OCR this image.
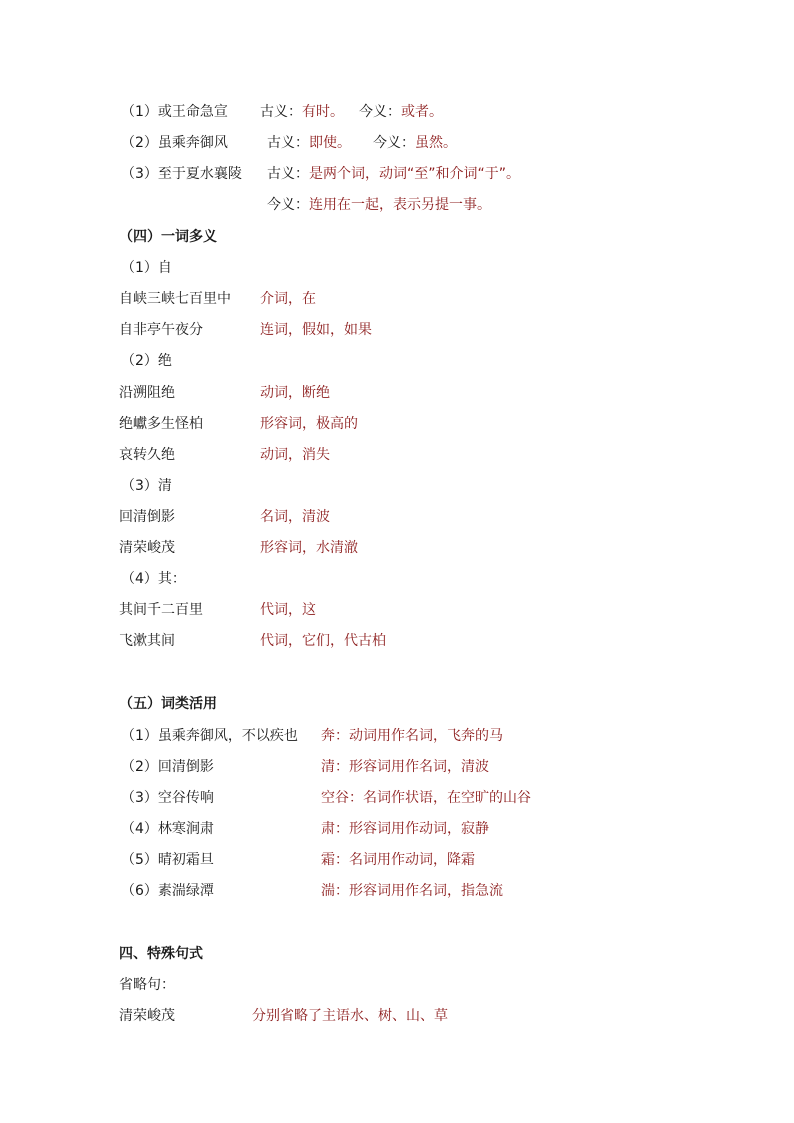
（1）或王命急宣 古义： 有时。 今义： 或者。
（2）虽乘奔御风	古义： 即使。 今义： 虽然。
（3）至于夏水襄陵 古义： 是两个词，动词“至”和介词“于”。
今义：连用在一起，表示另提一事。
（四）一词多义
（1）自
自峡三峡七百里中 介词，在
自非亭午夜分	连词，假如，如果
（2）绝
沿溯阻绝	动词，断绝
绝巘多生怪柏	形容词，极高的
哀转久绝	动词，消失
（3）清
回清倒影	名词，清波
清荣峻茂	形容词，水清澈
（4）其：
其间千二百里	代词，这
飞漱其间	代词，它们，代古柏
（五）词类活用
（1）虽乘奔御风，不以疾也 奔：动词用作名词，飞奔的马
（2）回清倒影	清：形容词用作名词，清波
（3）空谷传响	空谷：名词作状语，在空旷的山谷
（4）林寒涧肃	肃：形容词用作动词，寂静
（5）晴初霜旦	霜：名词用作动词，降霜
（6）素湍绿潭	湍：形容词用作名词，指急流
四、特殊句式
省略句：
清荣峻茂	分别省略了主语水、树、山、草
